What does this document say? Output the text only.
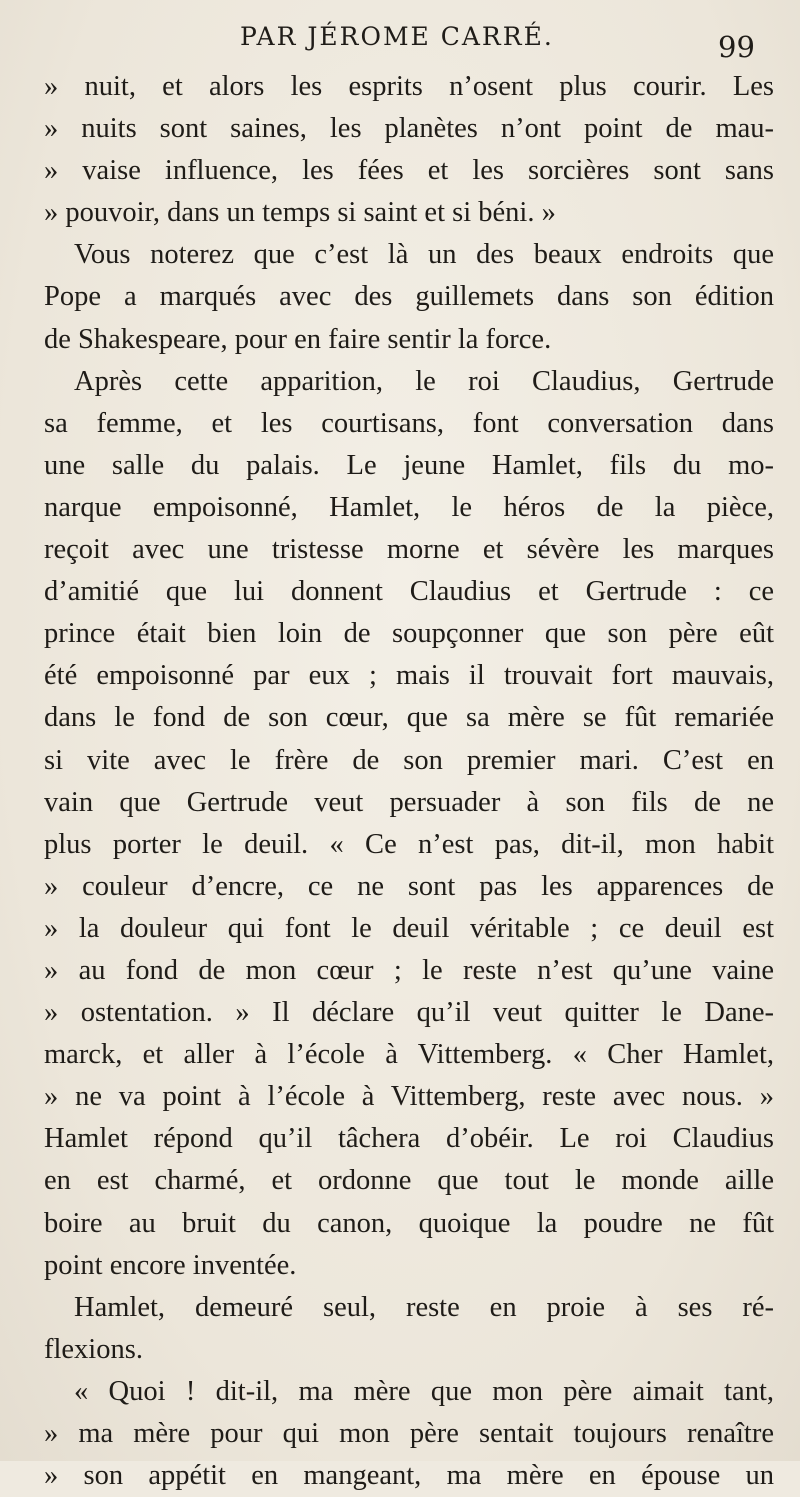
PAR JÉROME CARRÉ.	99
» nuit, et alors les esprits n’osent plus courir. Les
» nuits sont saines, les planètes n’ont point de mau-
» vaise influence, les fées et les sorcières sont sans
» pouvoir, dans un temps si saint et si béni. »
Vous noterez que c’est là un des beaux endroits que
Pope a marqués avec des guillemets dans son édition
de Shakespeare, pour en faire sentir la force.
Après cette apparition, le roi Claudius, Gertrude
sa femme, et les courtisans, font conversation dans
une salle du palais. Le jeune Hamlet, fils du mo-
narque empoisonné, Hamlet, le héros de la pièce,
reçoit avec une tristesse morne et sévère les marques
d’amitié que lui donnent Claudius et Gertrude : ce
prince était bien loin de soupçonner que son père eût
été empoisonné par eux ; mais il trouvait fort mauvais,
dans le fond de son cœur, que sa mère se fût remariée
si vite avec le frère de son premier mari. C’est en
vain que Gertrude veut persuader à son fils de ne
plus porter le deuil. « Ce n’est pas, dit-il, mon habit
» couleur d’encre, ce ne sont pas les apparences de
» la douleur qui font le deuil véritable ; ce deuil est
» au fond de mon cœur ; le reste n’est qu’une vaine
» ostentation. » Il déclare qu’il veut quitter le Dane-
marck, et aller à l’école à Vittemberg. « Cher Hamlet,
» ne va point à l’école à Vittemberg, reste avec nous. »
Hamlet répond qu’il tâchera d’obéir. Le roi Claudius
en est charmé, et ordonne que tout le monde aille
boire au bruit du canon, quoique la poudre ne fût
point encore inventée.
Hamlet, demeuré seul, reste en proie à ses ré-
flexions.
« Quoi ! dit-il, ma mère que mon père aimait tant,
» ma mère pour qui mon père sentait toujours renaître
» son appétit en mangeant, ma mère en épouse un
